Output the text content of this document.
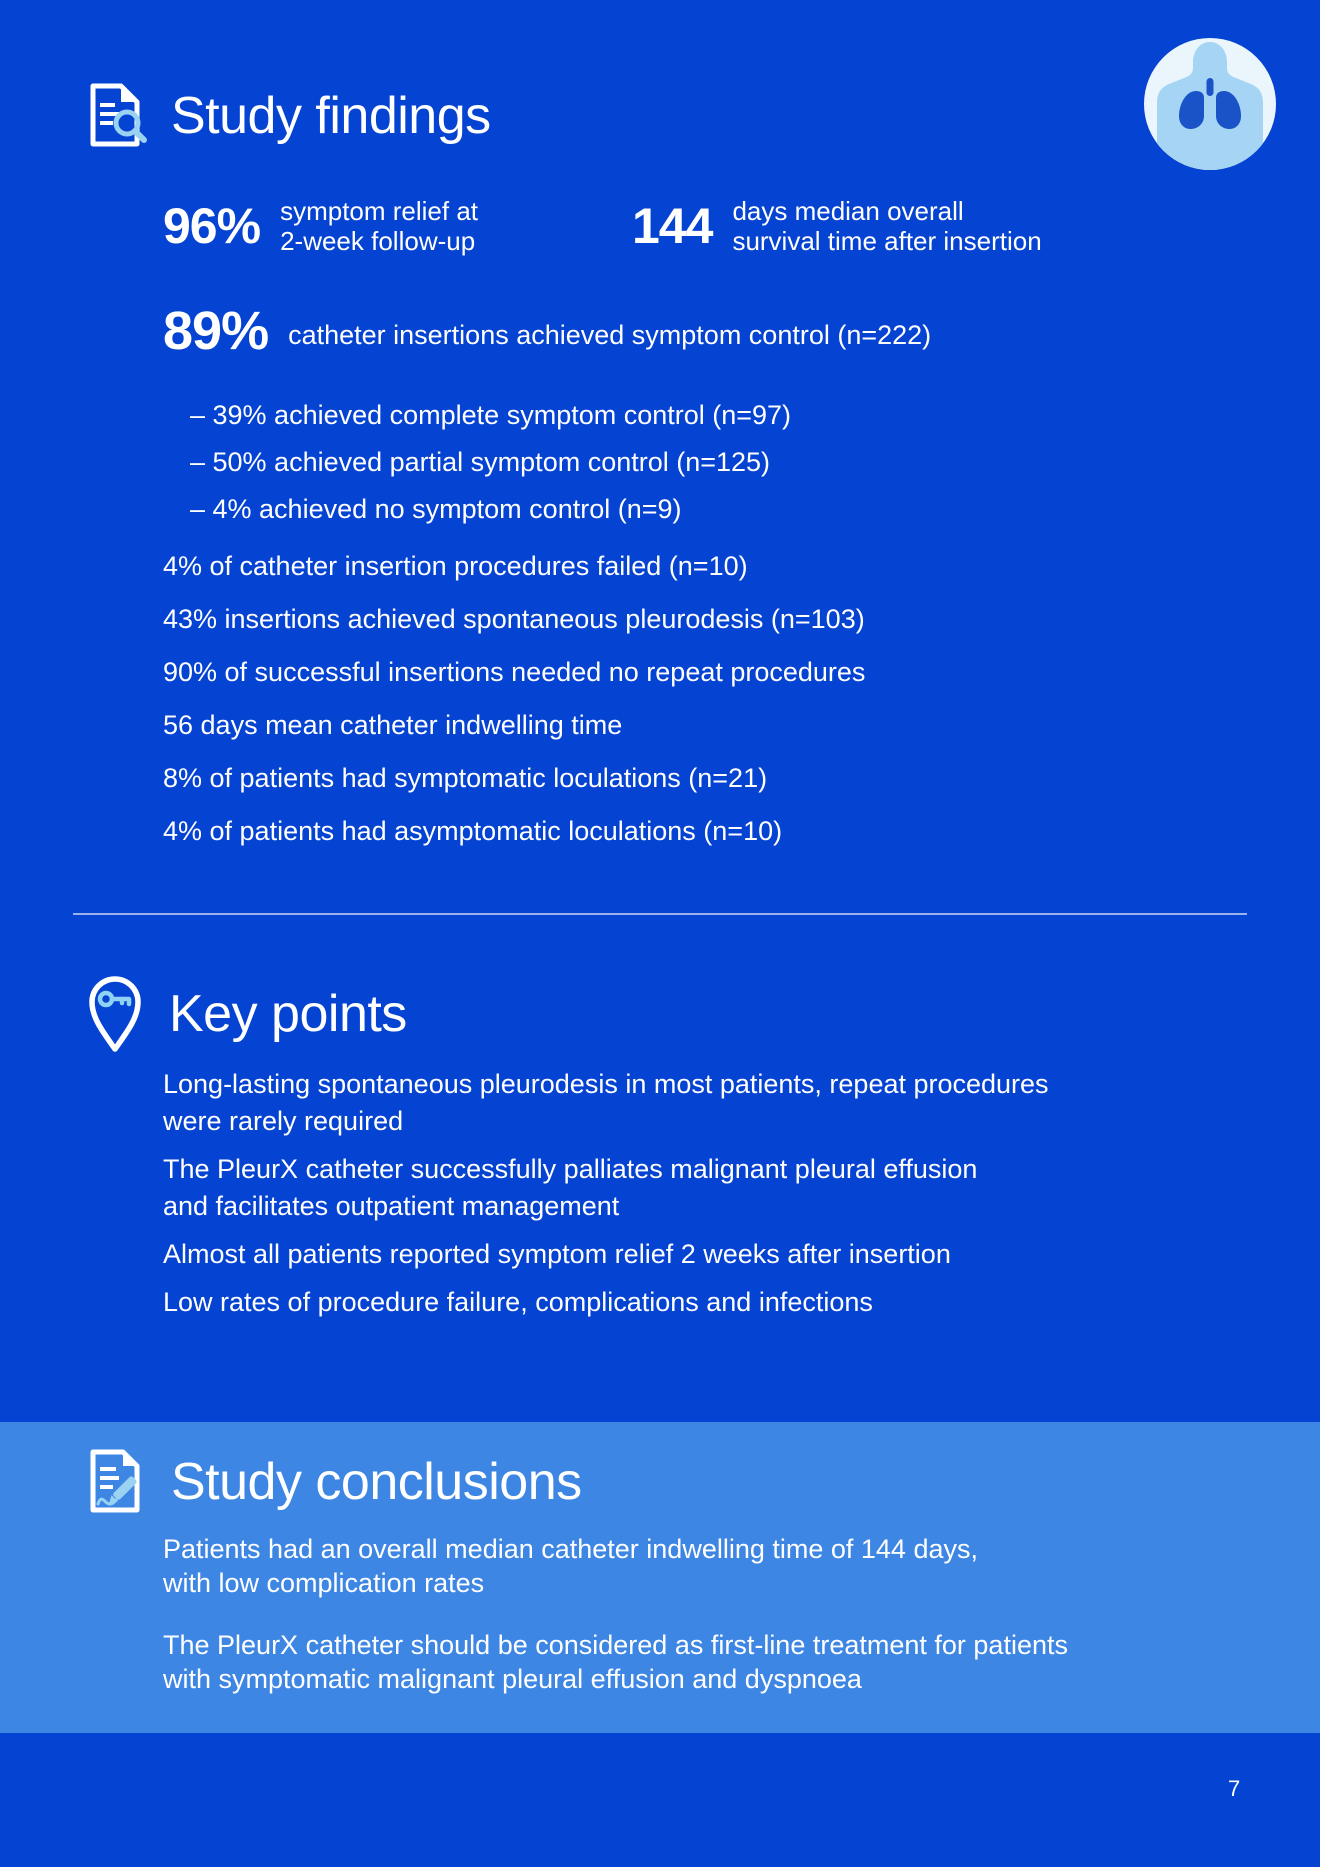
Study findings
96% symptom relief at
2-week follow-up	144 days median overall
survival time after insertion
89% catheter insertions achieved symptom control (n=222)
– 39% achieved complete symptom control (n=97)
– 50% achieved partial symptom control (n=125)
– 4% achieved no symptom control (n=9)
4% of catheter insertion procedures failed (n=10)
43% insertions achieved spontaneous pleurodesis (n=103)
90% of successful insertions needed no repeat procedures
56 days mean catheter indwelling time
8% of patients had symptomatic loculations (n=21)
4% of patients had asymptomatic loculations (n=10)
Key points
Long-lasting spontaneous pleurodesis in most patients, repeat procedures
were rarely required
The PleurX catheter successfully palliates malignant pleural effusion
and facilitates outpatient management
Almost all patients reported symptom relief 2 weeks after insertion
Low rates of procedure failure, complications and infections
Study conclusions
Patients had an overall median catheter indwelling time of 144 days,
with low complication rates
The PleurX catheter should be considered as first-line treatment for patients
with symptomatic malignant pleural effusion and dyspnoea
7
